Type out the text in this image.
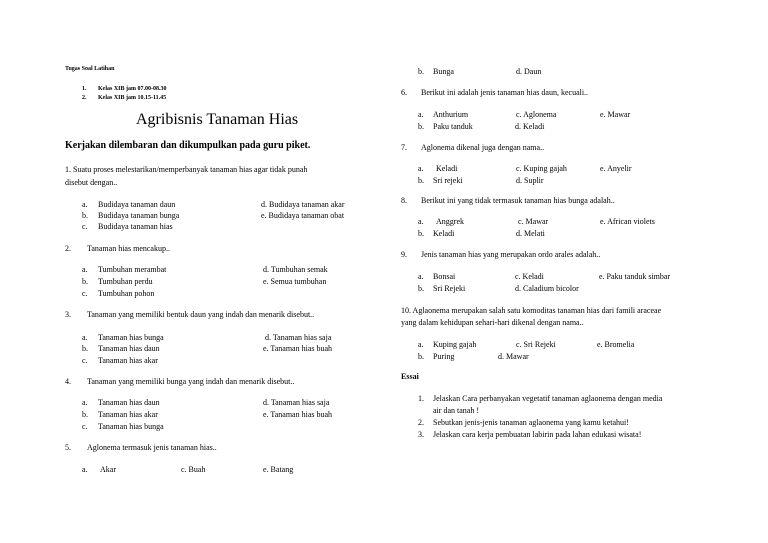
Tugas Soal Latihan
1. Kelas XIB jam 07.00-08.30
2. Kelas XIB jam 10.15-11.45
Agribisnis Tanaman Hias
Kerjakan dilembaran dan dikumpulkan pada guru piket.
1. Suatu proses melestarikan/memperbanyak tanaman hias agar tidak punah
disebut dengan..
a. Budidaya tanaman daun
b. Budidaya tanaman bunga
c. Budidaya tanaman hias
d. Budidaya tanaman akar
e. Budidaya tanaman obat
2. Tanaman hias mencakup..
a. Tumbuhan merambat
b. Tumbuhan perdu
c. Tumbuhan pohon
d. Tumbuhan semak
e. Semua tumbuhan
3. Tanaman yang memiliki bentuk daun yang indah dan menarik disebut..
a. Tanaman hias bunga
b. Tanaman hias daun
c. Tanaman hias akar
d. Tanaman hias saja
e. Tanaman hias buah
4. Tanaman yang memiliki bunga yang indah dan menarik disebut..
a. Tanaman hias daun
b. Tanaman hias akar
c. Tanaman hias bunga
d. Tanaman hias saja
e. Tanaman hias buah
5. Aglonema termasuk jenis tanaman hias..
a. Akar	c. Buah	e. Batang
b. Bunga	d. Daun
6. Berikut ini adalah jenis tanaman hias daun, kecuali..
a. Anthurium
b. Paku tanduk
c. Aglonema
d. Keladi
e. Mawar
7. Aglonema dikenal juga dengan nama..
a. Keladi
b. Sri rejeki
c. Kuping gajah
d. Suplir
e. Anyelir
8. Berikut ini yang tidak termasuk tanaman hias bunga adalah..
a. Anggrek
b. Keladi
c. Mawar
d. Melati
e. African violets
9. Jenis tanaman hias yang merupakan ordo arales adalah..
a. Bonsai
b. Sri Rejeki
c. Keladi
d. Caladium bicolor
e. Paku tanduk simbar
10. Aglaonema merupakan salah satu komoditas tanaman hias dari famili araceae
yang dalam kehidupan sehari-hari dikenal dengan nama..
a. Kuping gajah
b. Puring
c. Sri Rejeki
d. Mawar
e. Bromelia
Essai
1. Jelaskan Cara perbanyakan vegetatif tanaman aglaonema dengan media
air dan tanah !
2. Sebutkan jenis-jenis tanaman aglaonema yang kamu ketahui!
3. Jelaskan cara kerja pembuatan labirin pada lahan edukasi wisata!
